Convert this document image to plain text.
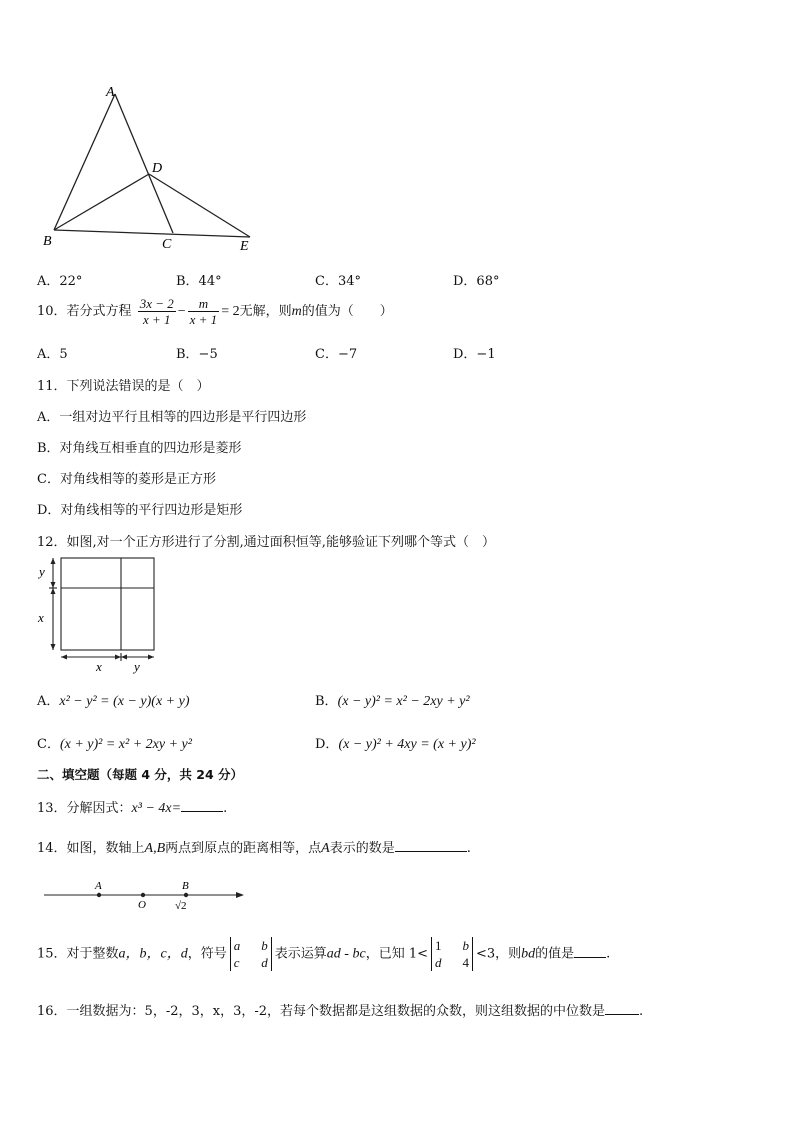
A
D
B	C	E
A．22°	B．44°	C．34°	D．68°
10．若分式方程 $\frac{3x - 2}{x + 1} - \frac{m}{x + 1} = 2$无解，则m的值为（　　）
A．5	B．−5	C．−7	D．−1
11．下列说法错误的是（　）
A．一组对边平行且相等的四边形是平行四边形
B．对角线互相垂直的四边形是菱形
C．对角线相等的菱形是正方形
D．对角线相等的平行四边形是矩形
12．如图,对一个正方形进行了分割,通过面积恒等,能够验证下列哪个等式（　）
y
x
x y
A．x² − y² = (x − y)(x + y)	B．(x − y)² = x² − 2xy + y²
C．(x + y)² = x² + 2xy + y²	D．(x − y)² + 4xy = (x + y)²
二、填空题（每题 4 分，共 24 分）
13．分解因式：x³ − 4x=	.
14．如图，数轴上A,B两点到原点的距离相等，点A表示的数是	.
A
O
B
√2
15．对于整数a，b，c，d，符号
a b
c d
表示运算ad - bc，已知 1<
1 b
d 4
<3，则bd的值是 .
16．一组数据为：5，-2，3，x，3，-2，若每个数据都是这组数据的众数，则这组数据的中位数是	.
